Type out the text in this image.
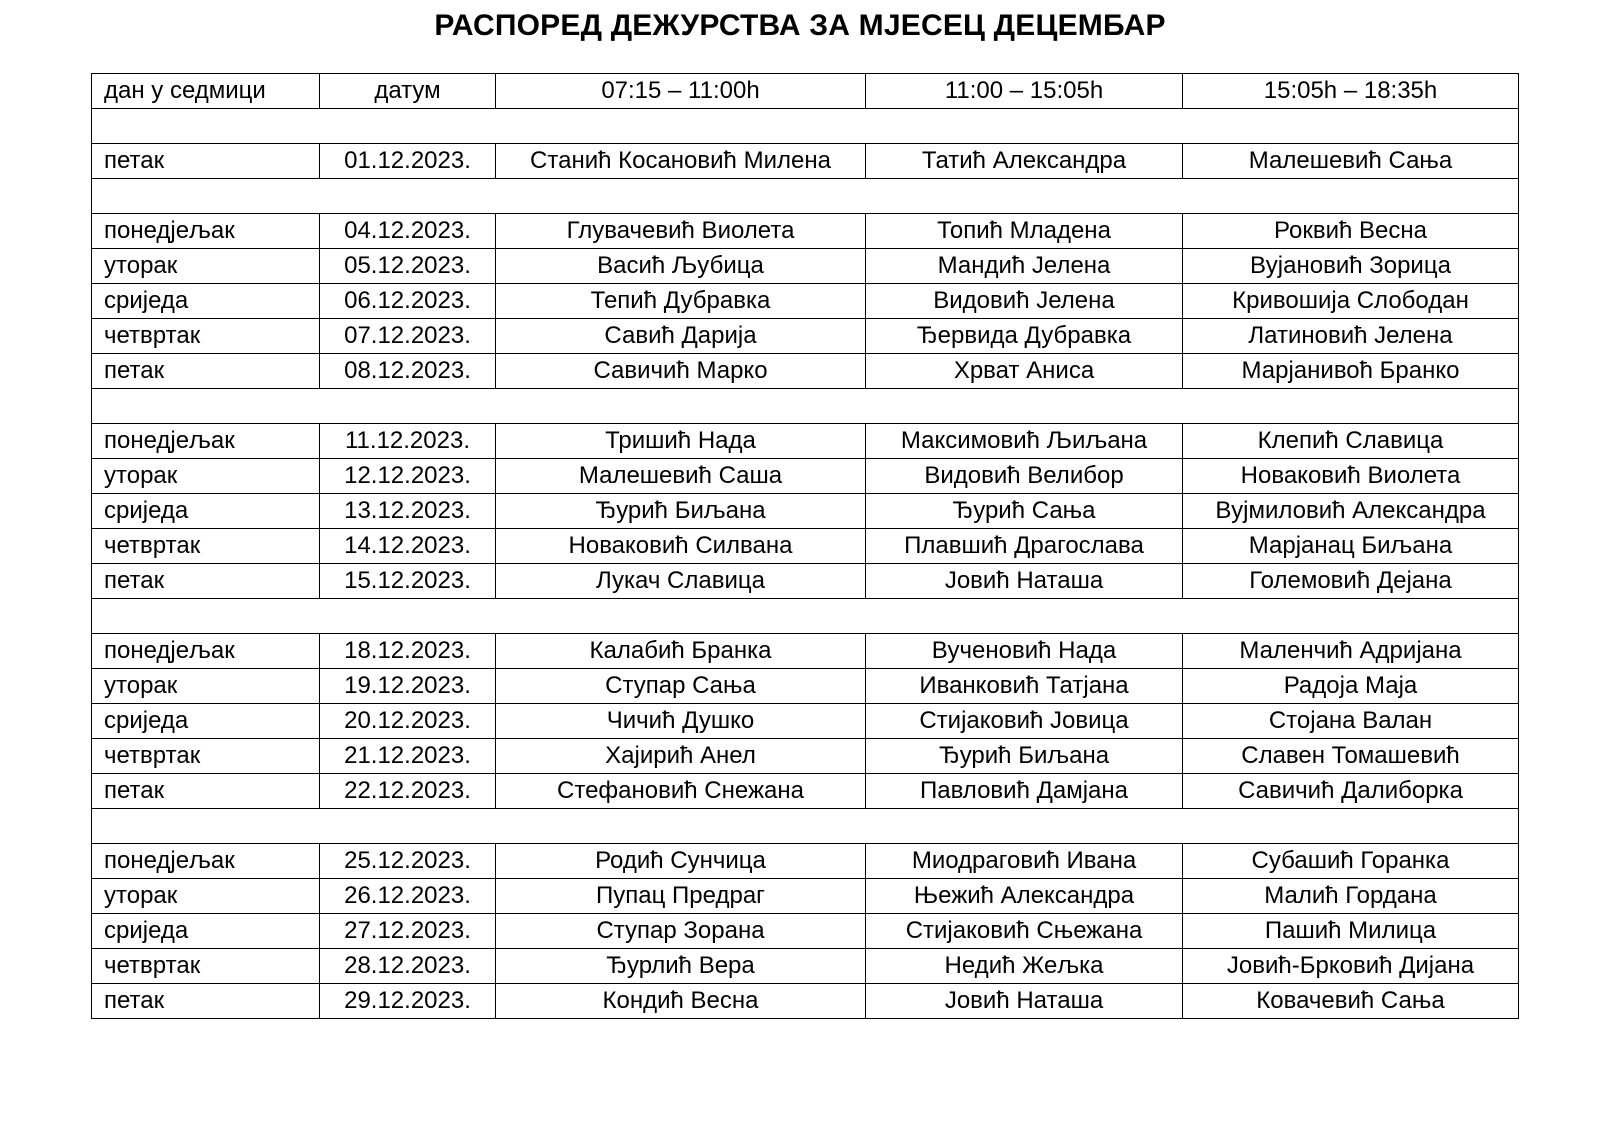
РАСПОРЕД ДЕЖУРСТВА ЗА МЈЕСЕЦ ДЕЦЕМБАР
дан у седмици	датум	07:15 – 11:00h	11:00 – 15:05h	15:05h – 18:35h

петак	01.12.2023.	Станић Косановић Милена	Татић Александра	Малешевић Сања

понедјељак	04.12.2023.	Глувачевић Виолета	Топић Младена	Роквић Весна
уторак	05.12.2023.	Васић Љубица	Мандић Јелена	Вујановић Зорица
сриједа	06.12.2023.	Тепић Дубравка	Видовић Јелена	Кривошија Слободан
четвртак	07.12.2023.	Савић Дарија	Ђервида Дубравка	Латиновић Јелена
петак	08.12.2023.	Савичић Марко	Хрват Аниса	Марјанивоћ Бранко

понедјељак	11.12.2023.	Тришић Нада	Максимовић Љиљана	Клепић Славица
уторак	12.12.2023.	Малешевић Саша	Видовић Велибор	Новаковић Виолета
сриједа	13.12.2023.	Ђурић Биљана	Ђурић Сања	Вујмиловић Александра
четвртак	14.12.2023.	Новаковић Силвана	Плавшић Драгослава	Марјанац Биљана
петак	15.12.2023.	Лукач Славица	Јовић Наташа	Големовић Дејана

понедјељак	18.12.2023.	Калабић Бранка	Вученовић Нада	Маленчић Адријана
уторак	19.12.2023.	Ступар Сања	Иванковић Татјана	Радоја Маја
сриједа	20.12.2023.	Чичић Душко	Стијаковић Јовица	Стојана Валан
четвртак	21.12.2023.	Хајирић Анел	Ђурић Биљана	Славен Томашевић
петак	22.12.2023.	Стефановић Снежана	Павловић Дамјана	Савичић Далиборка

понедјељак	25.12.2023.	Родић Сунчица	Миодраговић Ивана	Субашић Горанка
уторак	26.12.2023.	Пупац Предраг	Њежић Александра	Малић Гордана
сриједа	27.12.2023.	Ступар Зорана	Стијаковић Сњежана	Пашић Милица
четвртак	28.12.2023.	Ђурлић Вера	Недић Жељка	Јовић-Брковић Дијана
петак	29.12.2023.	Кондић Весна	Јовић Наташа	Ковачевић Сања
